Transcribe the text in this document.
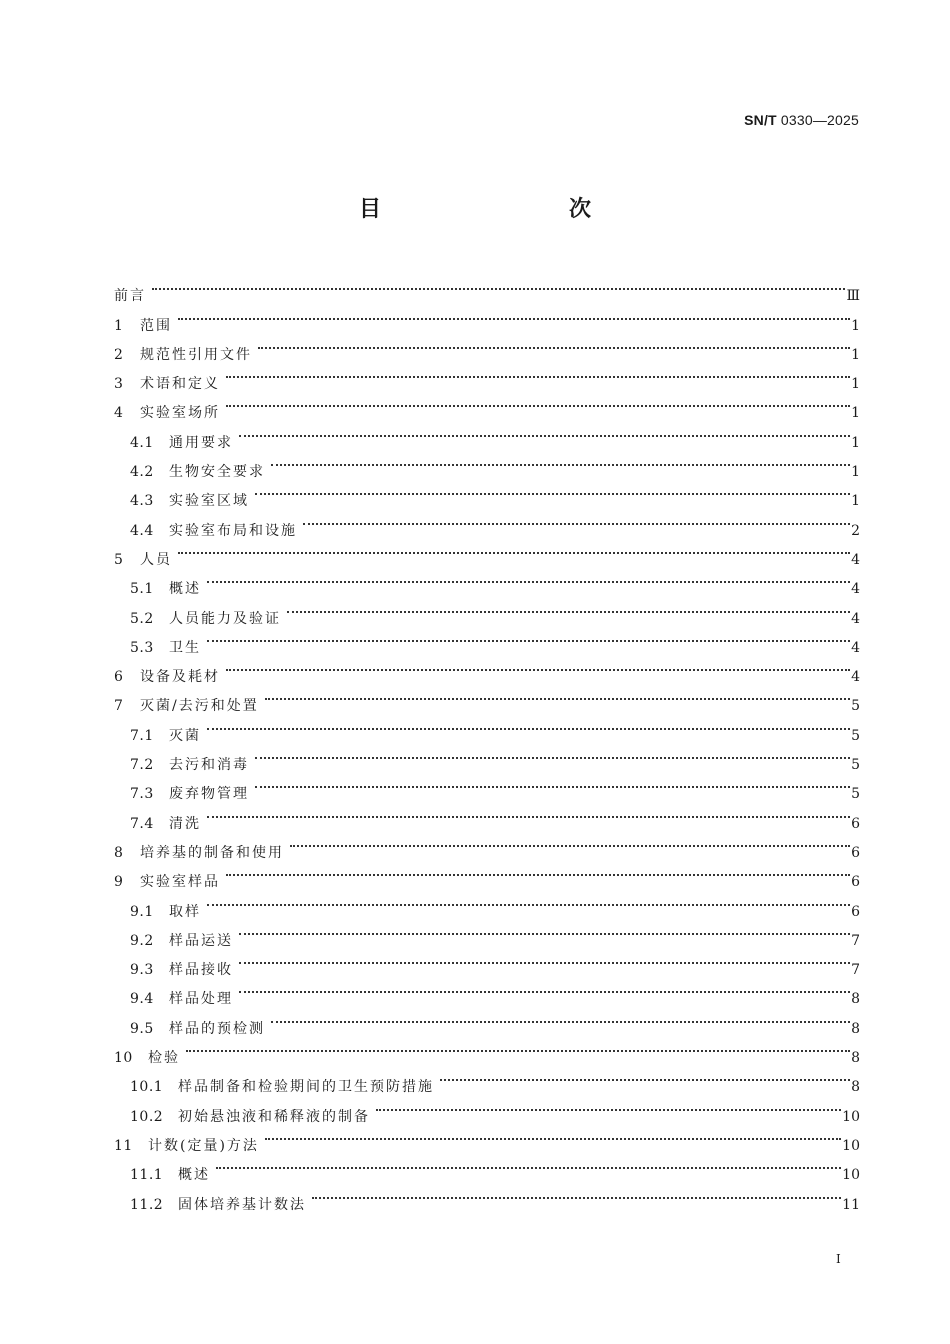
SN/T 0330—2025
目　　次
前言	Ⅲ
1	范围	1
2	规范性引用文件	1
3	术语和定义	1
4	实验室场所	1
4.1	通用要求	1
4.2	生物安全要求	1
4.3	实验室区域	1
4.4	实验室布局和设施	2
5	人员	4
5.1	概述	4
5.2	人员能力及验证	4
5.3	卫生	4
6	设备及耗材	4
7	灭菌/去污和处置	5
7.1	灭菌	5
7.2	去污和消毒	5
7.3	废弃物管理	5
7.4	清洗	6
8	培养基的制备和使用	6
9	实验室样品	6
9.1	取样	6
9.2	样品运送	7
9.3	样品接收	7
9.4	样品处理	8
9.5	样品的预检测	8
10	检验	8
10.1	样品制备和检验期间的卫生预防措施	8
10.2	初始悬浊液和稀释液的制备	10
11	计数(定量)方法	10
11.1	概述	10
11.2	固体培养基计数法	11
I
